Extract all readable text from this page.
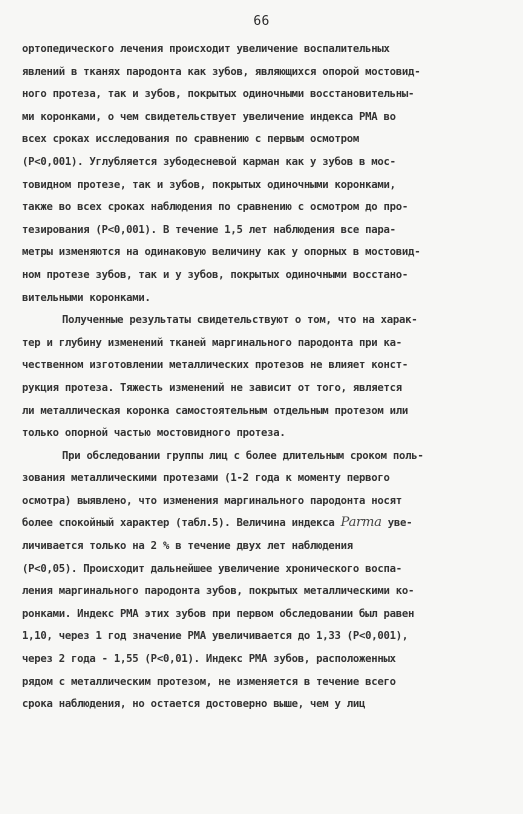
66
ортопедического лечения происходит увеличение воспалительных
явлений в тканях пародонта как зубов, являющихся опорой мостовид-
ного протеза, так и зубов, покрытых одиночными восстановительны-
ми коронками, о чем свидетельствует увеличение индекса РМА во
всех сроках исследования по сравнению с первым осмотром
(Р<0,001). Углубляется зубодесневой карман как у зубов в мос-
товидном протезе, так и зубов, покрытых одиночными коронками,
также во всех сроках наблюдения по сравнению с осмотром до про-
тезирования (Р<0,001). В течение 1,5 лет наблюдения все пара-
метры изменяются на одинаковую величину как у опорных в мостовид-
ном протезе зубов, так и у зубов, покрытых одиночными восстано-
вительными коронками.
Полученные результаты свидетельствуют о том, что на харак-
тер и глубину изменений тканей маргинального пародонта при ка-
чественном изготовлении металлических протезов не влияет конст-
рукция протеза. Тяжесть изменений не зависит от того, является
ли металлическая коронка самостоятельным отдельным протезом или
только опорной частью мостовидного протеза.
При обследовании группы лиц с более длительным сроком поль-
зования металлическими протезами (1-2 года к моменту первого
осмотра) выявлено, что изменения маргинального пародонта носят
более спокойный характер (табл.5). Величина индекса Parma уве-
личивается только на 2 % в течение двух лет наблюдения
(Р<0,05). Происходит дальнейшее увеличение хронического воспа-
ления маргинального пародонта зубов, покрытых металлическими ко-
ронками. Индекс РМА этих зубов при первом обследовании был равен
1,10, через 1 год значение РМА увеличивается до 1,33 (Р<0,001),
через 2 года - 1,55 (Р<0,01). Индекс РМА зубов, расположенных
рядом с металлическим протезом, не изменяется в течение всего
срока наблюдения, но остается достоверно выше, чем у лиц
